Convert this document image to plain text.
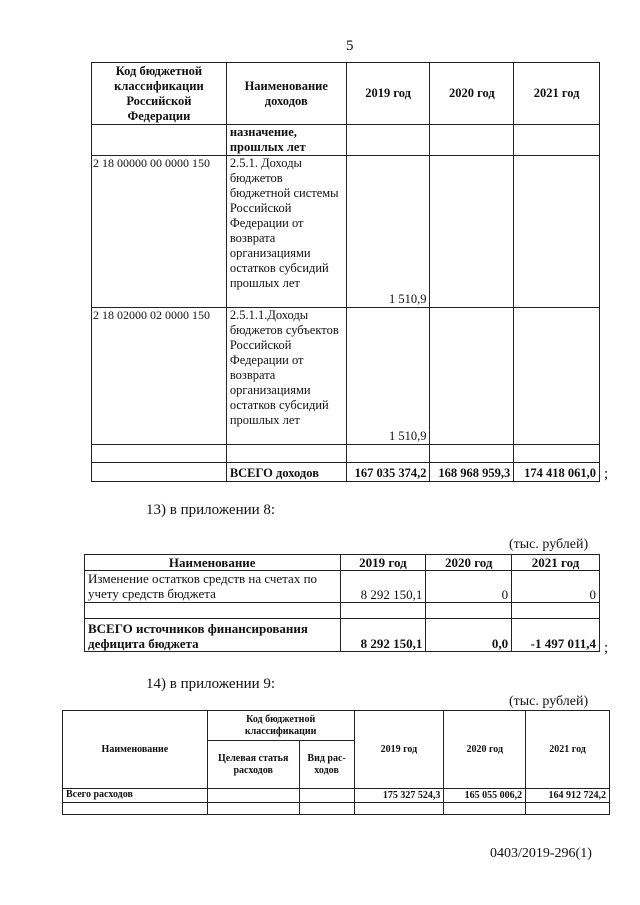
5
Код бюджетной классификации Российской Федерации	Наименование доходов	2019 год	2020 год	2021 год
	назначение, прошлых лет			
2 18 00000 00 0000 150	2.5.1. Доходы бюджетов бюджетной системы Российской Федерации от возврата организациями остатков субсидий прошлых лет	1 510,9		
2 18 02000 02 0000 150	2.5.1.1.Доходы бюджетов субъектов Российской Федерации от возврата организациями остатков субсидий прошлых лет	1 510,9		

	ВСЕГО доходов	167 035 374,2	168 968 959,3	174 418 061,0 ;
13) в приложении 8:
(тыс. рублей)
Наименование	2019 год	2020 год	2021 год
Изменение остатков средств на счетах по учету средств бюджета	8 292 150,1	0	0

ВСЕГО источников финансирования дефицита бюджета	8 292 150,1	0,0	-1 497 011,4 ;
14) в приложении 9:
(тыс. рублей)
Наименование	Код бюджетной классификации		2019 год	2020 год	2021 год
	Целевая статья расходов	Вид рас-ходов			
Всего расходов			175 327 524,3	165 055 006,2	164 912 724,2

0403/2019-296(1)
